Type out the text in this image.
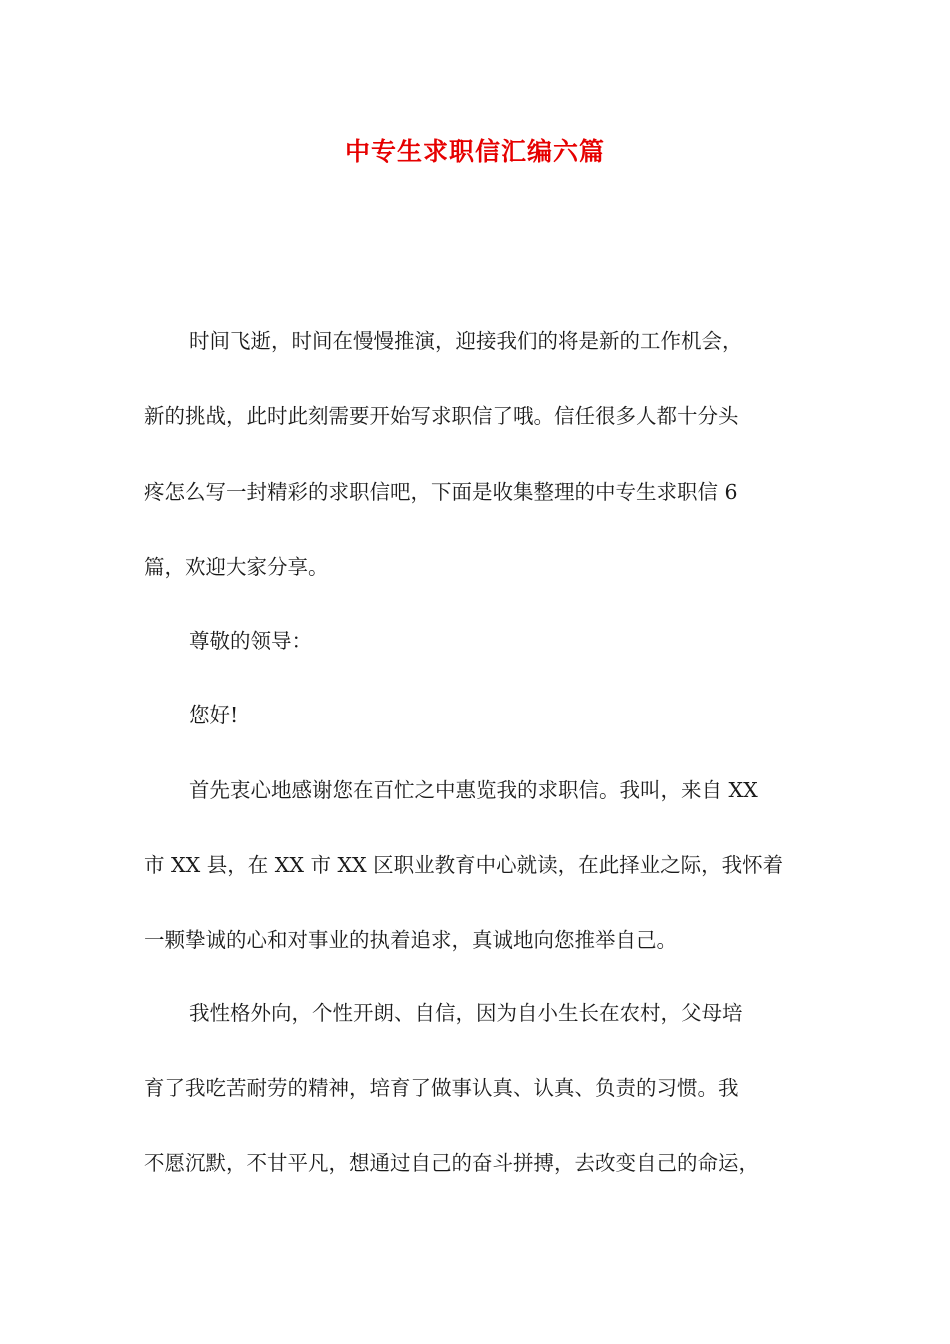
中专生求职信汇编六篇
时间飞逝，时间在慢慢推演，迎接我们的将是新的工作机会，
新的挑战，此时此刻需要开始写求职信了哦。信任很多人都十分头
疼怎么写一封精彩的求职信吧，下面是收集整理的中专生求职信 6
篇，欢迎大家分享。
尊敬的领导：
您好!
首先衷心地感谢您在百忙之中惠览我的求职信。我叫，来自 XX
市 XX 县，在 XX 市 XX 区职业教育中心就读，在此择业之际，我怀着
一颗挚诚的心和对事业的执着追求，真诚地向您推举自己。
我性格外向，个性开朗、自信，因为自小生长在农村，父母培
育了我吃苦耐劳的精神，培育了做事认真、认真、负责的习惯。我
不愿沉默，不甘平凡，想通过自己的奋斗拼搏，去改变自己的命运，
